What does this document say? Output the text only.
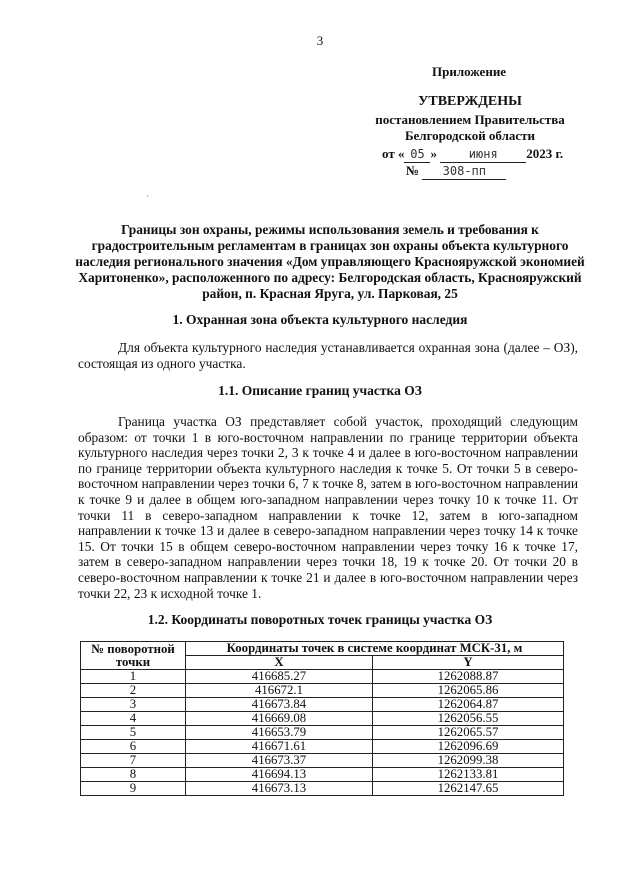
3
Приложение
УТВЕРЖДЕНЫ
постановлением Правительства
Белгородской области
от « 05 »	июня 2023 г.
№ 308-пп
`
Границы зон охраны, режимы использования земель и требования к градостроительным регламентам в границах зон охраны объекта культурного наследия регионального значения «Дом управляющего Краснояружской экономией Харитоненко», расположенного по адресу: Белгородская область, Краснояружский район, п. Красная Яруга, ул. Парковая, 25
1. Охранная зона объекта культурного наследия
Для объекта культурного наследия устанавливается охранная зона (далее – ОЗ), состоящая из одного участка.
1.1. Описание границ участка ОЗ
Граница участка ОЗ представляет собой участок, проходящий следующим образом: от точки 1 в юго-восточном направлении по границе территории объекта культурного наследия через точки 2, 3 к точке 4 и далее в юго-восточном направлении по границе территории объекта культурного наследия к точке 5. От точки 5 в северо-восточном направлении через точки 6, 7 к точке 8, затем в юго-восточном направлении к точке 9 и далее в общем юго-западном направлении через точку 10 к точке 11. От точки 11 в северо-западном направлении к точке 12, затем в юго-западном направлении к точке 13 и далее в северо-западном направлении через точку 14 к точке 15. От точки 15 в общем северо-восточном направлении через точку 16 к точке 17, затем в северо-западном направлении через точки 18, 19 к точке 20. От точки 20 в северо-восточном направлении к точке 21 и далее в юго-восточном направлении через точки 22, 23 к исходной точке 1.
1.2. Координаты поворотных точек границы участка ОЗ
№ поворотной точки	Координаты точек в системе координат МСК-31, м	
	X	Y
1	416685.27	1262088.87
2	416672.1	1262065.86
3	416673.84	1262064.87
4	416669.08	1262056.55
5	416653.79	1262065.57
6	416671.61	1262096.69
7	416673.37	1262099.38
8	416694.13	1262133.81
9	416673.13	1262147.65
